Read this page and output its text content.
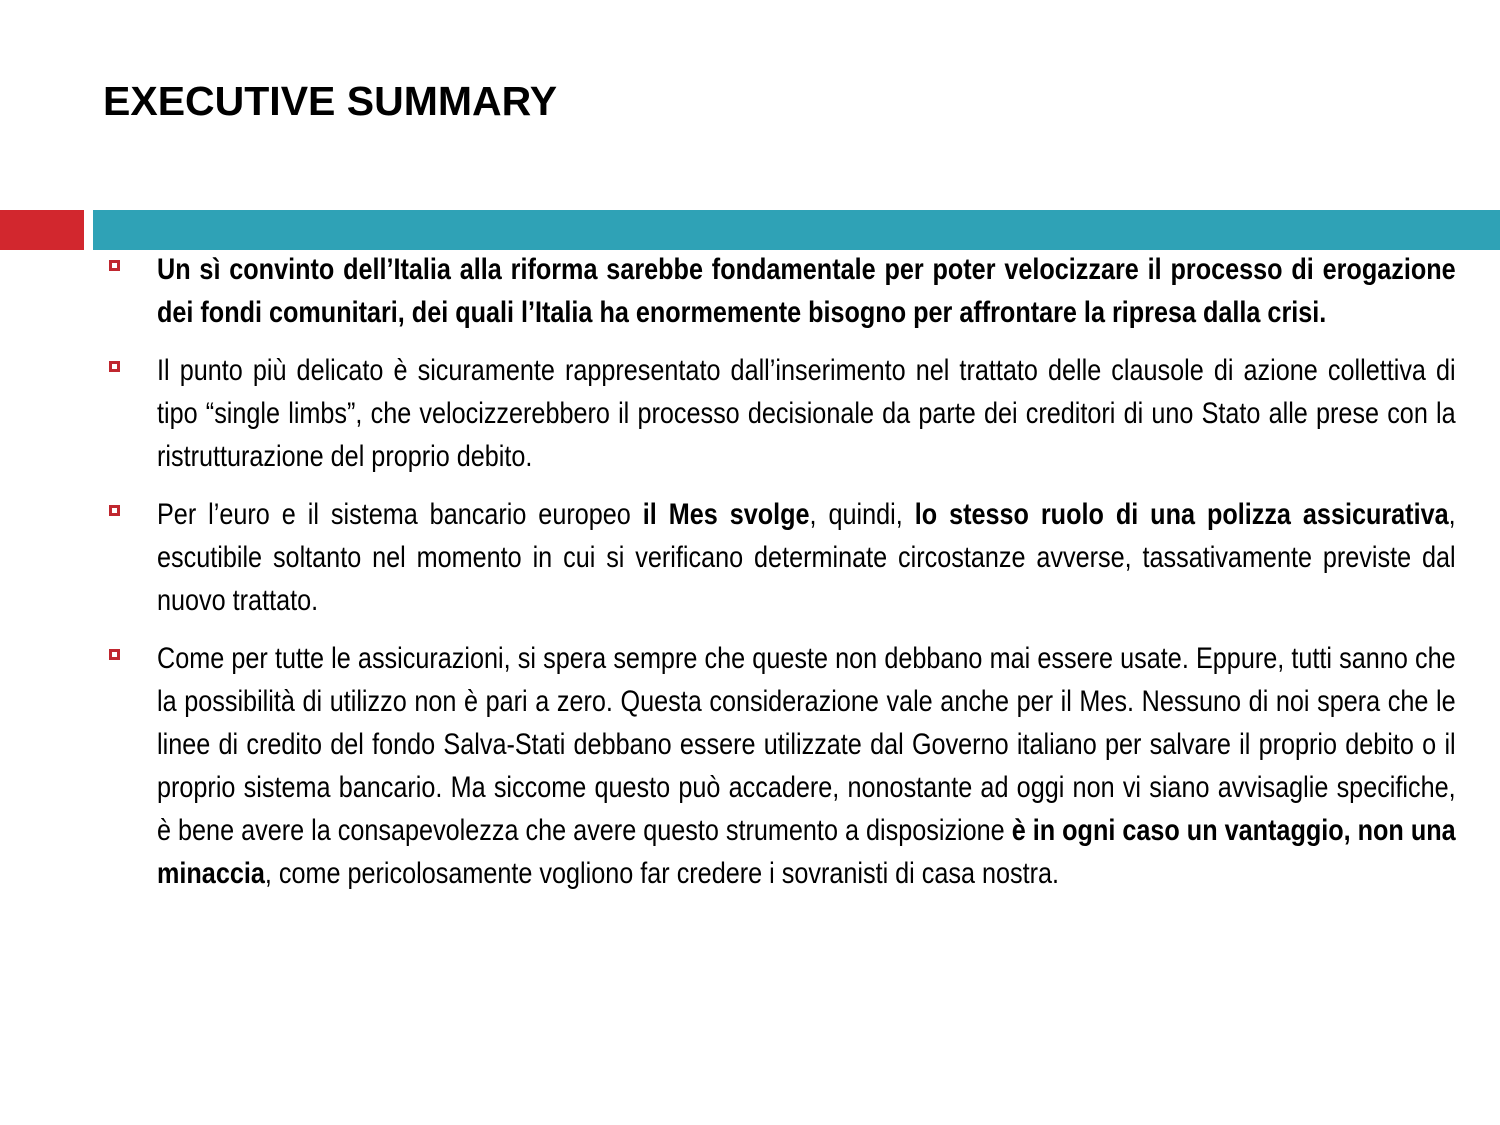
EXECUTIVE SUMMARY
Un sì convinto dell’Italia alla riforma sarebbe fondamentale per poter velocizzare il processo di erogazione dei fondi comunitari, dei quali l’Italia ha enormemente bisogno per affrontare la ripresa dalla crisi.
Il punto più delicato è sicuramente rappresentato dall’inserimento nel trattato delle clausole di azione collettiva di tipo “single limbs”, che velocizzerebbero il processo decisionale da parte dei creditori di uno Stato alle prese con la ristrutturazione del proprio debito.
Per l’euro e il sistema bancario europeo il Mes svolge, quindi, lo stesso ruolo di una polizza assicurativa, escutibile soltanto nel momento in cui si verificano determinate circostanze avverse, tassativamente previste dal nuovo trattato.
Come per tutte le assicurazioni, si spera sempre che queste non debbano mai essere usate. Eppure, tutti sanno che la possibilità di utilizzo non è pari a zero. Questa considerazione vale anche per il Mes. Nessuno di noi spera che le linee di credito del fondo Salva-Stati debbano essere utilizzate dal Governo italiano per salvare il proprio debito o il proprio sistema bancario. Ma siccome questo può accadere, nonostante ad oggi non vi siano avvisaglie specifiche, è bene avere la consapevolezza che avere questo strumento a disposizione è in ogni caso un vantaggio, non una minaccia, come pericolosamente vogliono far credere i sovranisti di casa nostra.
